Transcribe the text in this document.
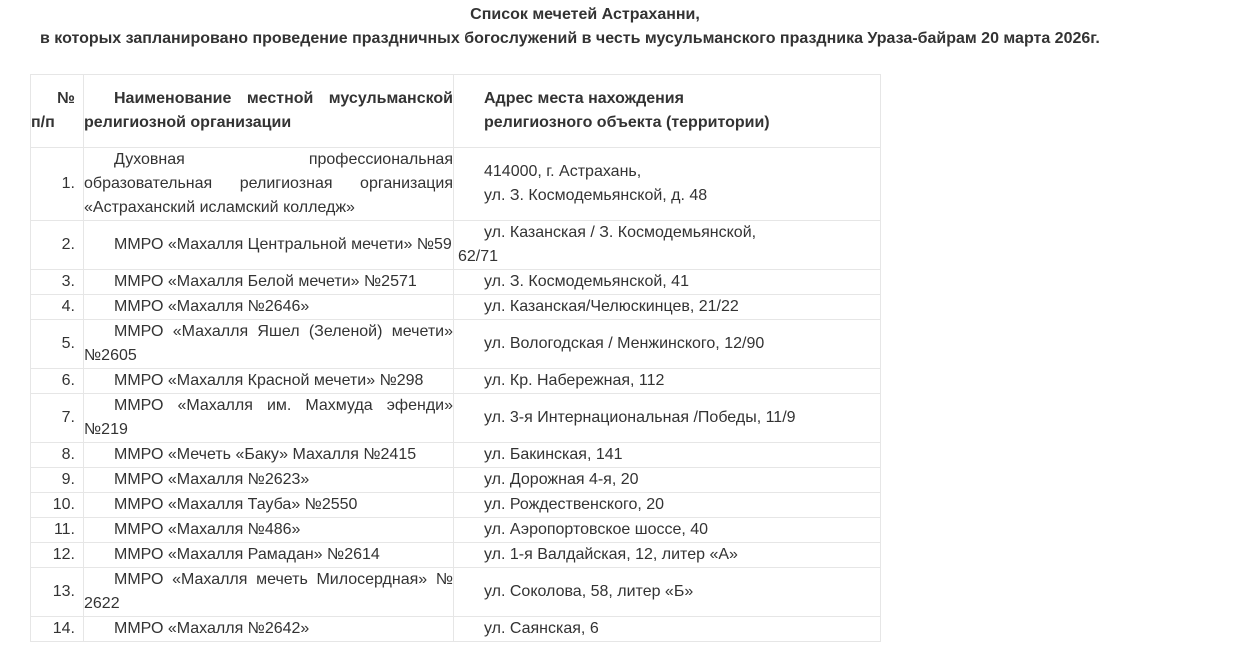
Список мечетей Астраханни,
в которых запланировано проведение праздничных богослужений в честь мусульманского праздника Ураза-байрам 20 марта 2026г.
№
п/п	Наименование местной мусульманской религиозной организации	Адрес места нахождения
религиозного объекта (территории)

1.	Духовная профессиональная образовательная религиозная организация «Астраханский исламский колледж»	414000, г. Астрахань,
ул. З. Космодемьянской, д. 48

2.	ММРО «Махалля Центральной мечети» №59	ул. Казанская / З. Космодемьянской,
62/71

3.	ММРО «Махалля Белой мечети» №2571	ул. З. Космодемьянской, 41
4.	ММРО «Махалля №2646»	ул. Казанская/Челюскинцев, 21/22
5.	ММРО «Махалля Яшел (Зеленой) мечети» №2605	ул. Вологодская / Менжинского, 12/90
6.	ММРО «Махалля Красной мечети» №298	ул. Кр. Набережная, 112
7.	ММРО «Махалля им. Махмуда эфенди» №219	ул. 3-я Интернациональная /Победы, 11/9
8.	ММРО «Мечеть «Баку» Махалля №2415	ул. Бакинская, 141
9.	ММРО «Махалля №2623»	ул. Дорожная 4-я, 20
10.	ММРО «Махалля Тауба» №2550	ул. Рождественского, 20
11.	ММРО «Махалля №486»	ул. Аэропортовское шоссе, 40
12.	ММРО «Махалля Рамадан» №2614	ул. 1-я Валдайская, 12, литер «А»
13.	ММРО «Махалля мечеть Милосердная» № 2622	ул. Соколова, 58, литер «Б»
14.	ММРО «Махалля №2642»	ул. Саянская, 6
